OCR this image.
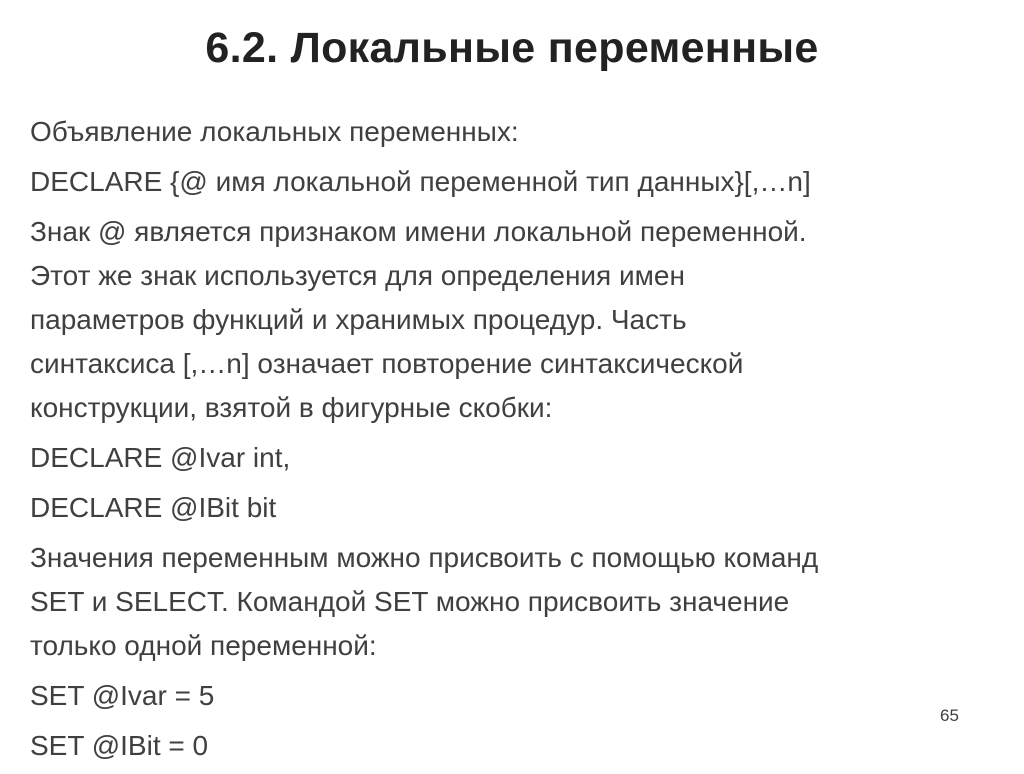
6.2. Локальные переменные

Объявление локальных переменных:

DECLARE {@ имя локальной переменной тип данных}[,…n]

Знак @ является признаком имени локальной переменной.
Этот же знак используется для определения имен
параметров функций и хранимых процедур. Часть
синтаксиса [,…n] означает повторение синтаксической
конструкции, взятой в фигурные скобки:

DECLARE @Ivar int,

DECLARE @IBit bit

Значения переменным можно присвоить с помощью команд
SET и SELECT. Командой SET можно присвоить значение
только одной переменной:

SET @Ivar = 5

SET @IBit = 0

65
